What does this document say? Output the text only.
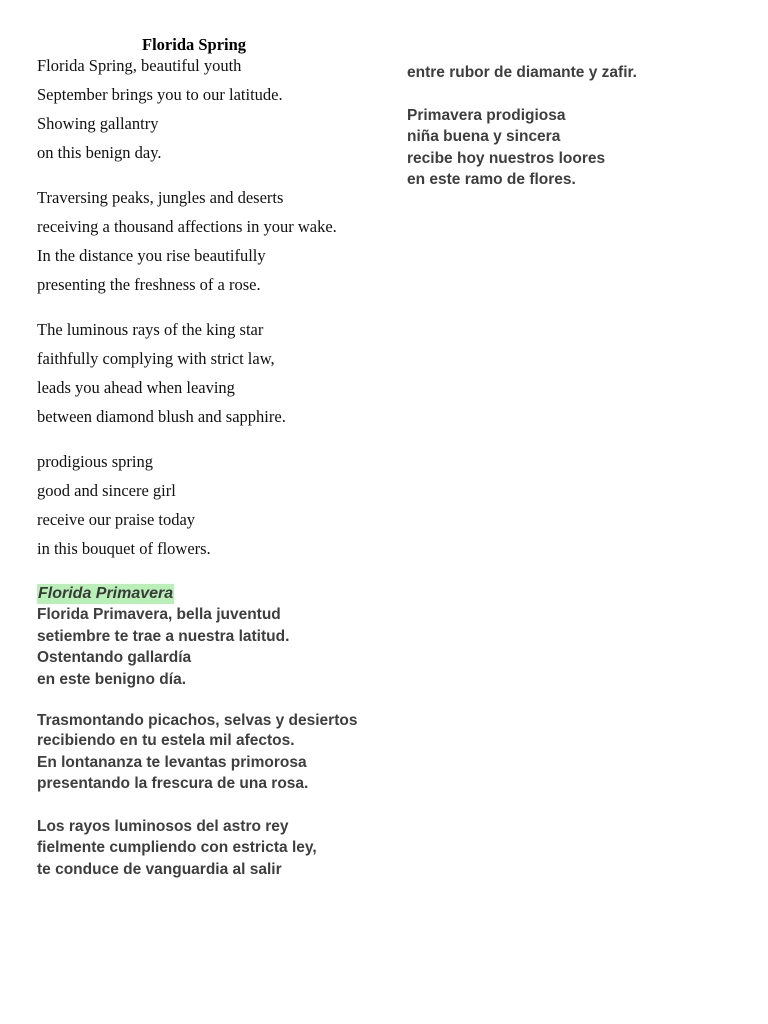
Florida Spring
Florida Spring, beautiful youth
September brings you to our latitude.
Showing gallantry
on this benign day.
Traversing peaks, jungles and deserts
receiving a thousand affections in your wake.
In the distance you rise beautifully
presenting the freshness of a rose.
The luminous rays of the king star
faithfully complying with strict law,
leads you ahead when leaving
between diamond blush and sapphire.
prodigious spring
good and sincere girl
receive our praise today
in this bouquet of flowers.
Florida Primavera
Florida Primavera, bella juventud
setiembre te trae a nuestra latitud.
Ostentando gallardía
en este benigno día.
Trasmontando picachos, selvas y desiertos
recibiendo en tu estela mil afectos.
En lontananza te levantas primorosa
presentando la frescura de una rosa.
Los rayos luminosos del astro rey
fielmente cumpliendo con estricta ley,
te conduce de vanguardia al salir
entre rubor de diamante y zafir.
Primavera prodigiosa
niña buena y sincera
recibe hoy nuestros loores
en este ramo de flores.
